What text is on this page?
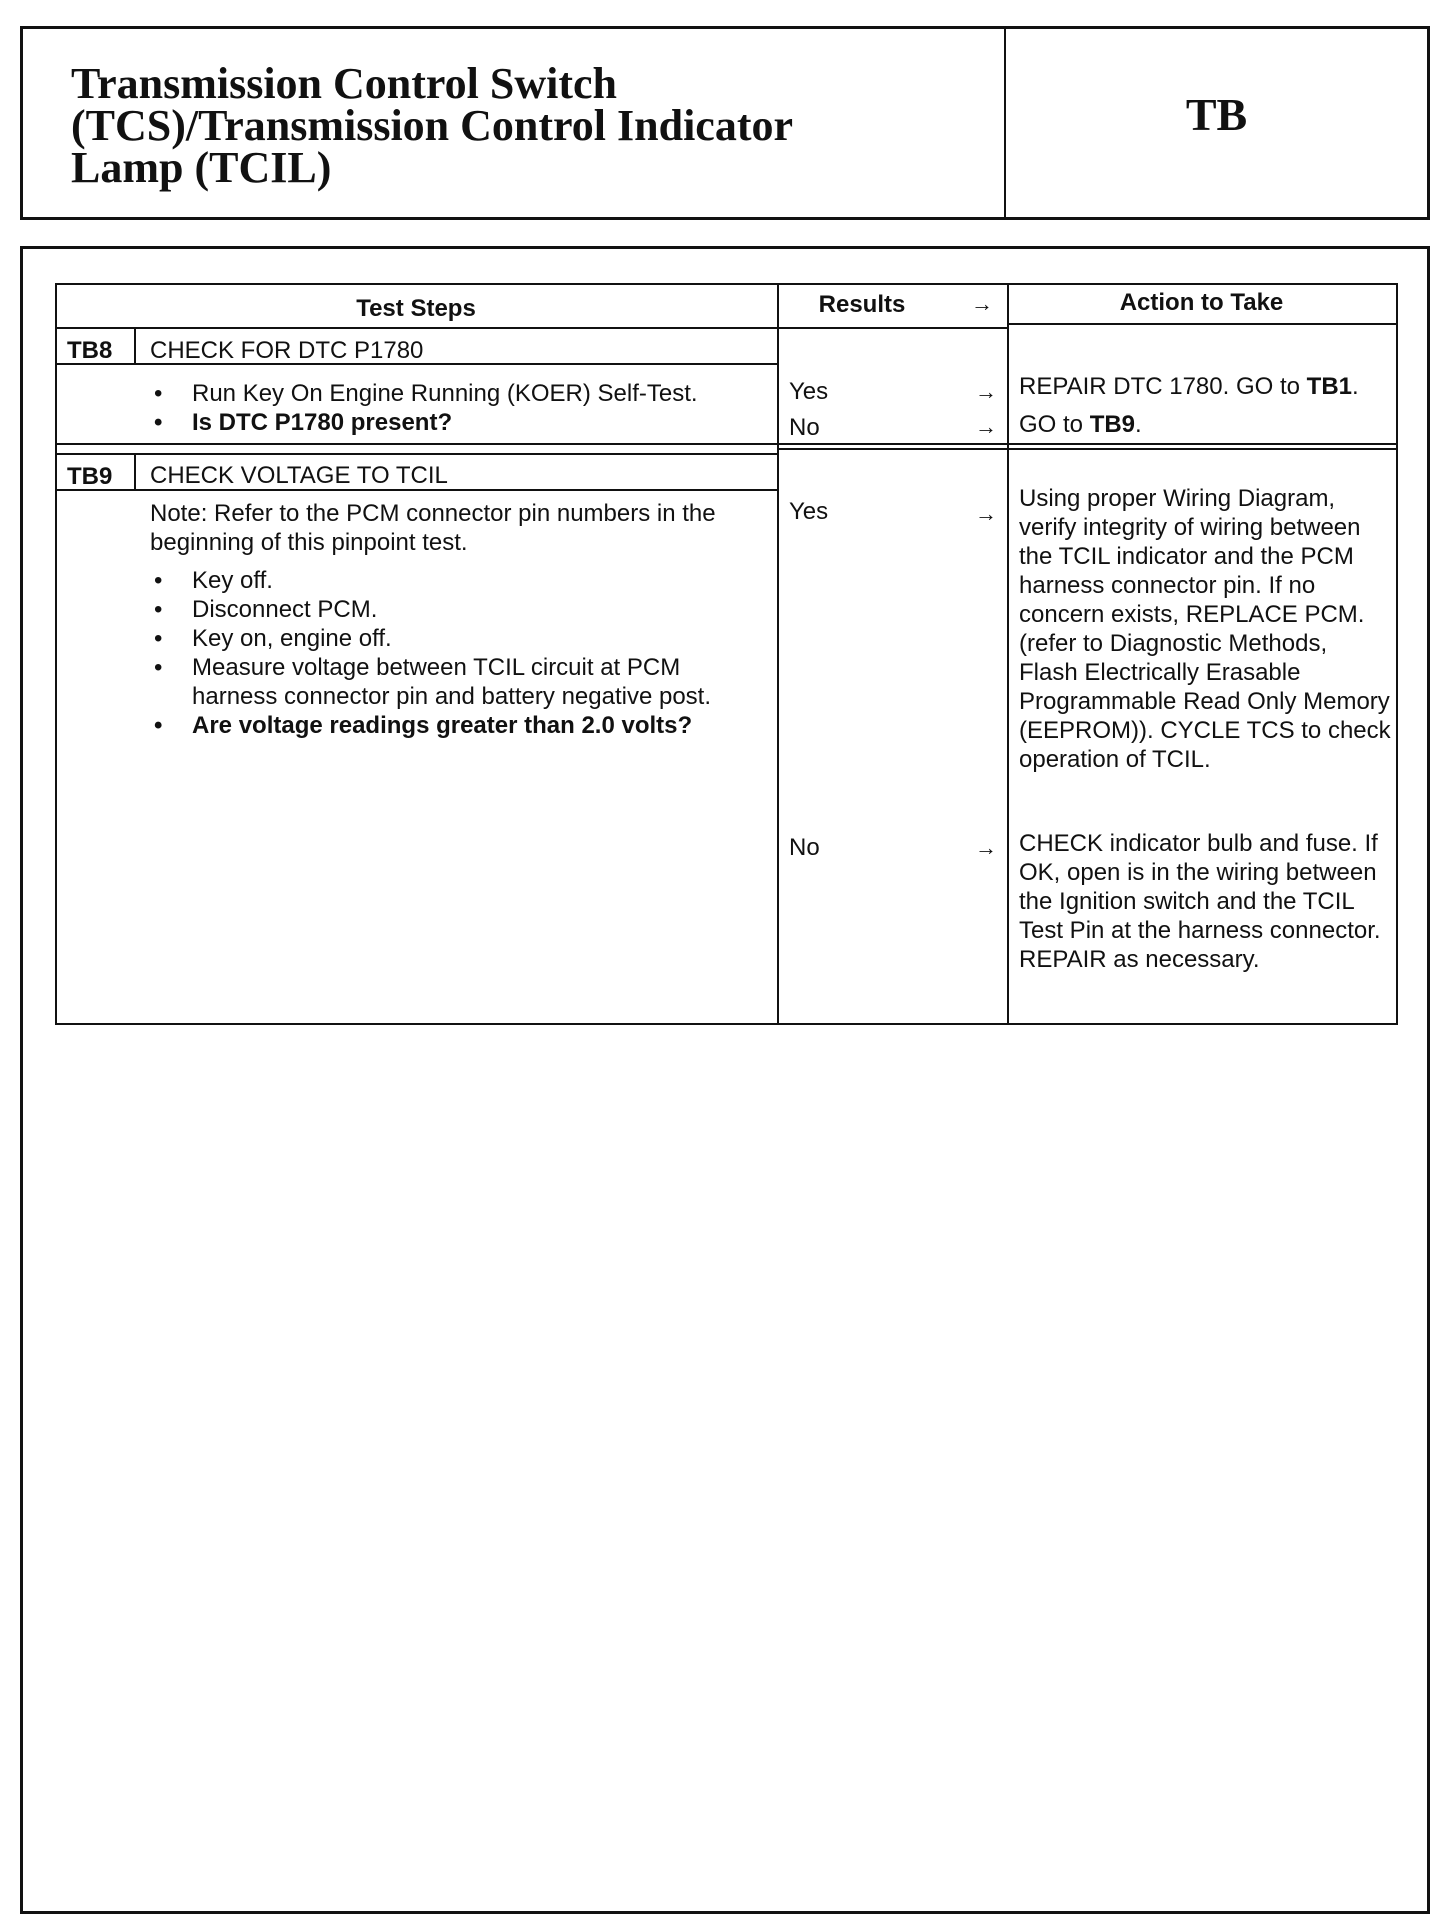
Transmission Control Switch
(TCS)/Transmission Control Indicator
Lamp (TCIL)
TB
Test Steps	Results	→	Action to Take
TB8 CHECK FOR DTC P1780
• Run Key On Engine Running (KOER) Self-Test.
• Is DTC P1780 present?
Yes	→ REPAIR DTC 1780. GO to TB1.
No	→ GO to TB9.
TB9 CHECK VOLTAGE TO TCIL
Note: Refer to the PCM connector pin numbers in the beginning of this pinpoint test.
• Key off.
• Disconnect PCM.
• Key on, engine off.
• Measure voltage between TCIL circuit at PCM harness connector pin and battery negative post.
• Are voltage readings greater than 2.0 volts?
Yes	→
Using proper Wiring Diagram, verify integrity of wiring between the TCIL indicator and the PCM harness connector pin. If no concern exists, REPLACE PCM. (refer to Diagnostic Methods, Flash Electrically Erasable Programmable Read Only Memory (EEPROM)). CYCLE TCS to check operation of TCIL.
No	→ CHECK indicator bulb and fuse. If OK, open is in the wiring between the Ignition switch and the TCIL Test Pin at the harness connector. REPAIR as necessary.
